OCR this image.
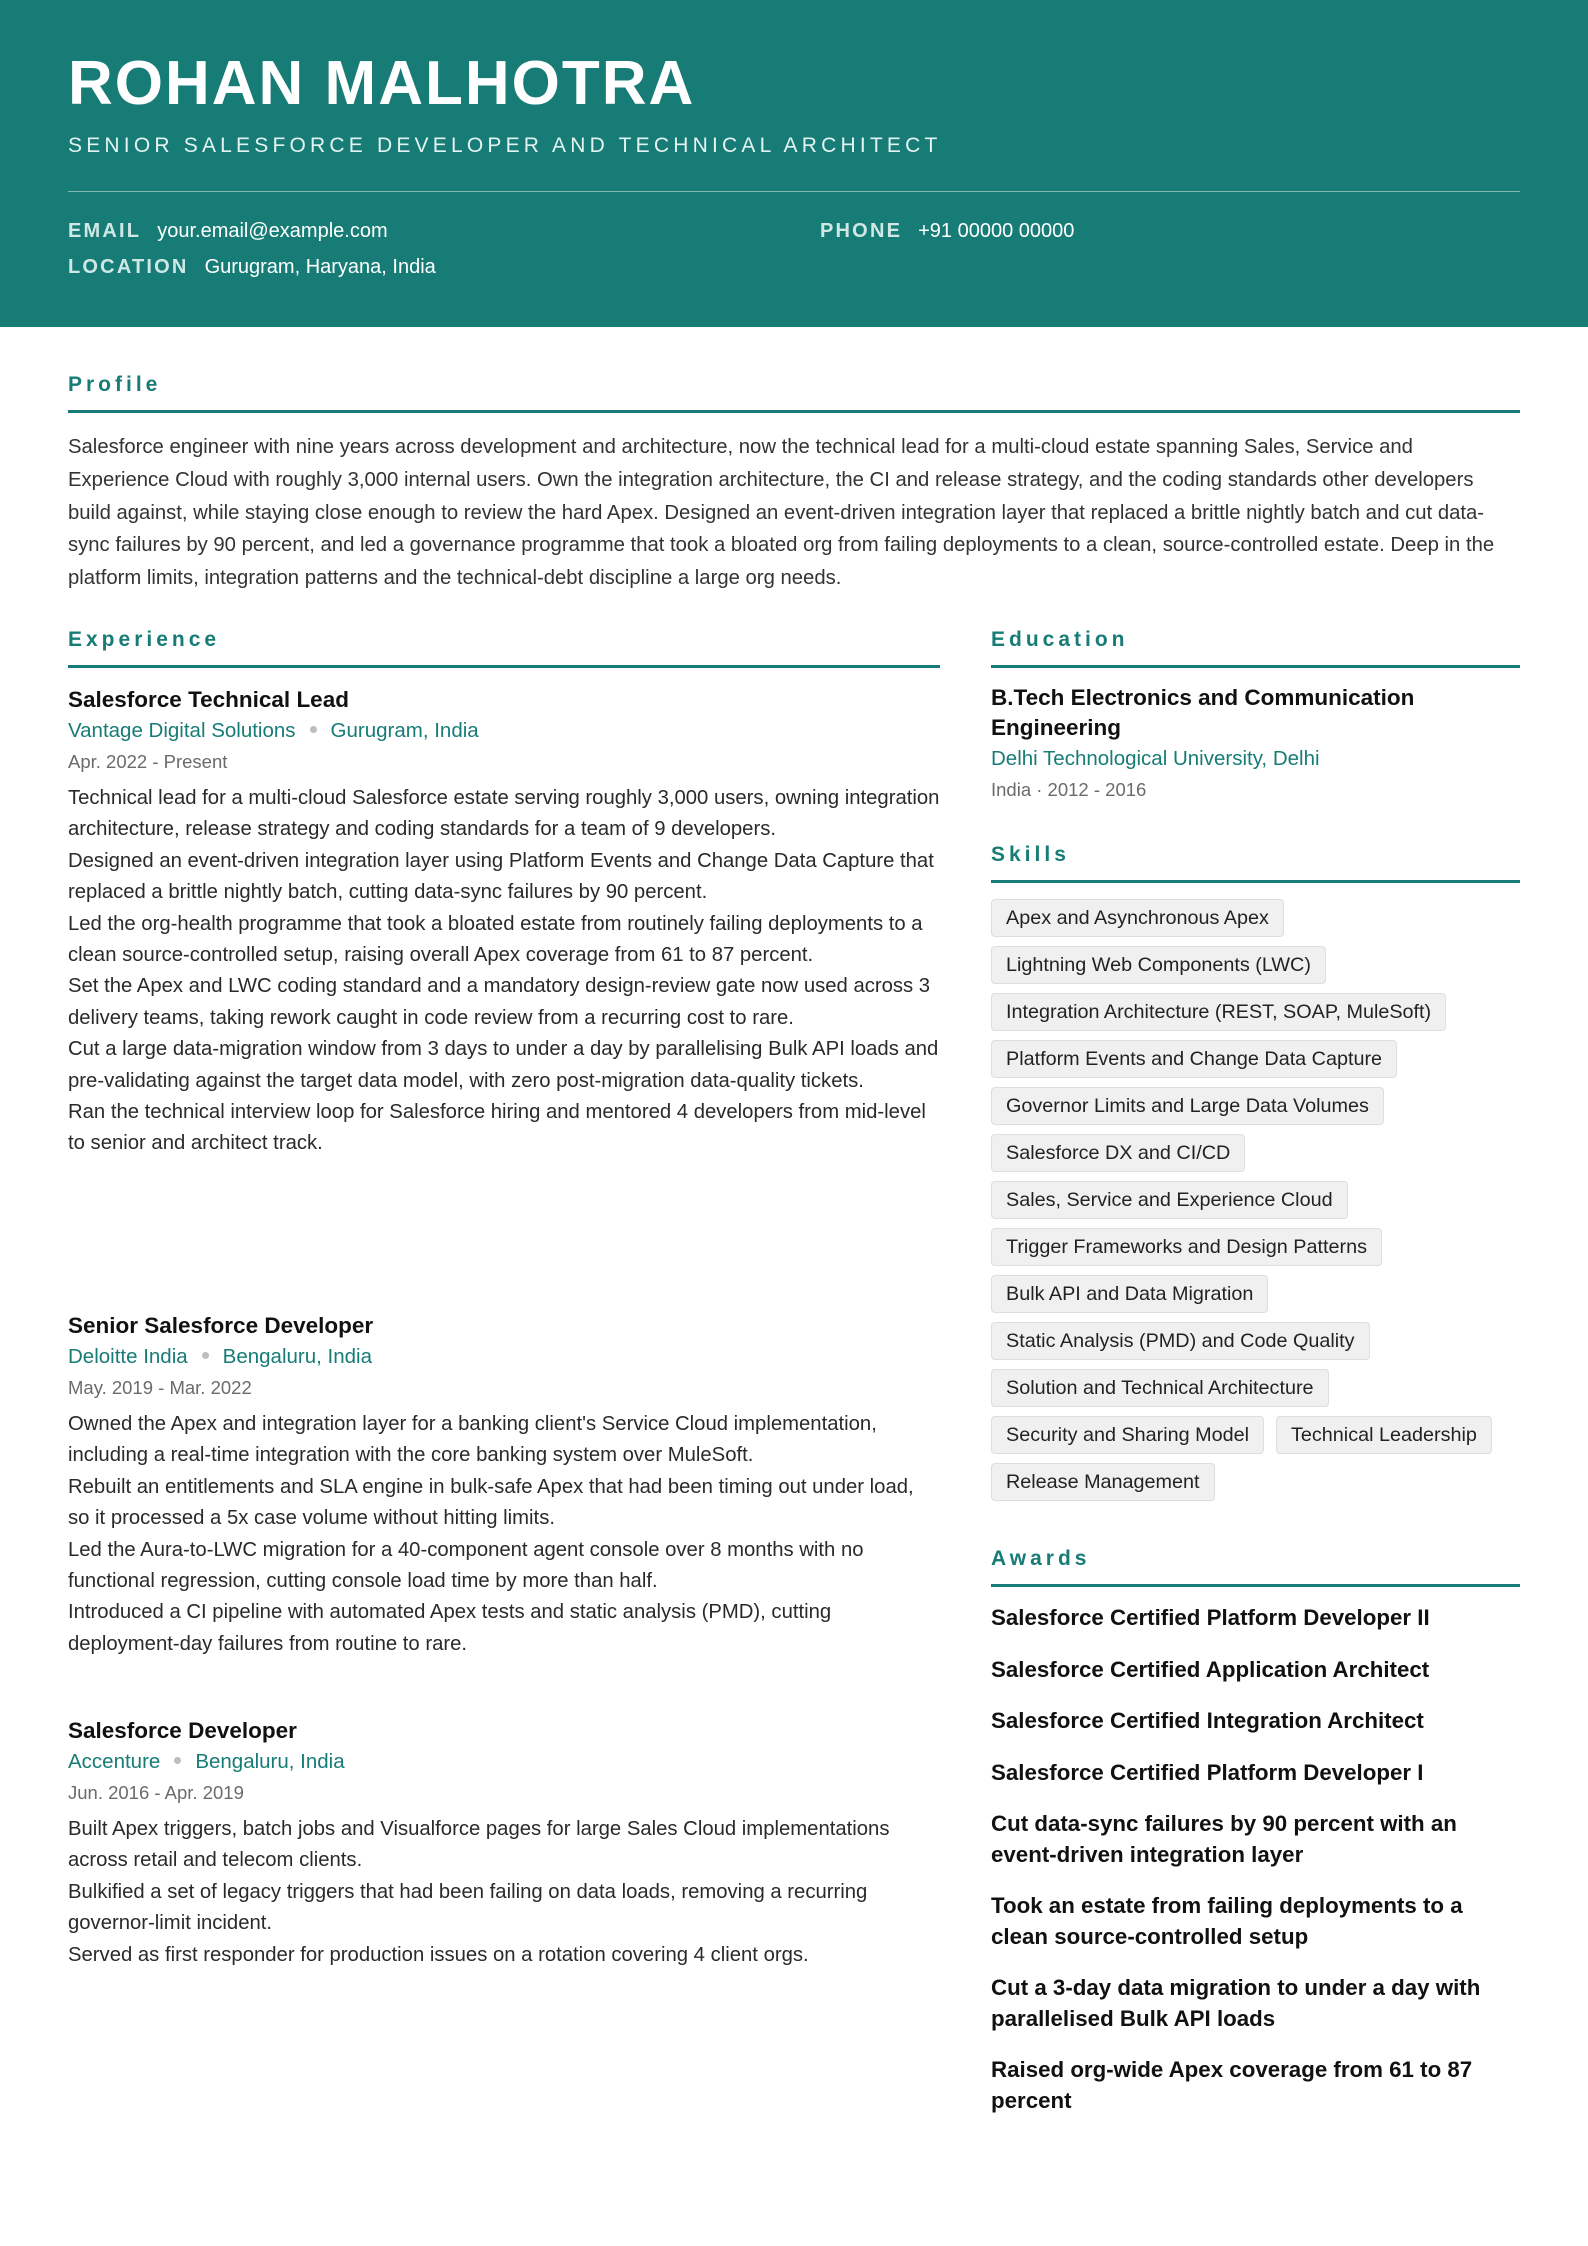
ROHAN MALHOTRA
SENIOR SALESFORCE DEVELOPER AND TECHNICAL ARCHITECT
EMAIL your.email@example.com	PHONE +91 00000 00000
LOCATION Gurugram, Haryana, India
Profile
Salesforce engineer with nine years across development and architecture, now the technical lead for a multi-cloud estate spanning Sales, Service and Experience Cloud with roughly 3,000 internal users. Own the integration architecture, the CI and release strategy, and the coding standards other developers build against, while staying close enough to review the hard Apex. Designed an event-driven integration layer that replaced a brittle nightly batch and cut data-sync failures by 90 percent, and led a governance programme that took a bloated org from failing deployments to a clean, source-controlled estate. Deep in the platform limits, integration patterns and the technical-debt discipline a large org needs.
Experience
Salesforce Technical Lead
Vantage Digital Solutions Gurugram, India
Apr. 2022 - Present
Technical lead for a multi-cloud Salesforce estate serving roughly 3,000 users, owning integration architecture, release strategy and coding standards for a team of 9 developers.
Designed an event-driven integration layer using Platform Events and Change Data Capture that replaced a brittle nightly batch, cutting data-sync failures by 90 percent.
Led the org-health programme that took a bloated estate from routinely failing deployments to a clean source-controlled setup, raising overall Apex coverage from 61 to 87 percent.
Set the Apex and LWC coding standard and a mandatory design-review gate now used across 3 delivery teams, taking rework caught in code review from a recurring cost to rare.
Cut a large data-migration window from 3 days to under a day by parallelising Bulk API loads and pre-validating against the target data model, with zero post-migration data-quality tickets.
Ran the technical interview loop for Salesforce hiring and mentored 4 developers from mid-level to senior and architect track.
Senior Salesforce Developer
Deloitte India Bengaluru, India
May. 2019 - Mar. 2022
Owned the Apex and integration layer for a banking client's Service Cloud implementation, including a real-time integration with the core banking system over MuleSoft.
Rebuilt an entitlements and SLA engine in bulk-safe Apex that had been timing out under load, so it processed a 5x case volume without hitting limits.
Led the Aura-to-LWC migration for a 40-component agent console over 8 months with no functional regression, cutting console load time by more than half.
Introduced a CI pipeline with automated Apex tests and static analysis (PMD), cutting deployment-day failures from routine to rare.
Salesforce Developer
Accenture Bengaluru, India
Jun. 2016 - Apr. 2019
Built Apex triggers, batch jobs and Visualforce pages for large Sales Cloud implementations across retail and telecom clients.
Bulkified a set of legacy triggers that had been failing on data loads, removing a recurring governor-limit incident.
Served as first responder for production issues on a rotation covering 4 client orgs.
Education
B.Tech Electronics and Communication Engineering
Delhi Technological University, Delhi
India · 2012 - 2016
Skills
Apex and Asynchronous Apex
Lightning Web Components (LWC)
Integration Architecture (REST, SOAP, MuleSoft)
Platform Events and Change Data Capture
Governor Limits and Large Data Volumes
Salesforce DX and CI/CD
Sales, Service and Experience Cloud
Trigger Frameworks and Design Patterns
Bulk API and Data Migration
Static Analysis (PMD) and Code Quality
Solution and Technical Architecture
Security and Sharing Model	Technical Leadership
Release Management
Awards
Salesforce Certified Platform Developer II
Salesforce Certified Application Architect
Salesforce Certified Integration Architect
Salesforce Certified Platform Developer I
Cut data-sync failures by 90 percent with an event-driven integration layer
Took an estate from failing deployments to a clean source-controlled setup
Cut a 3-day data migration to under a day with parallelised Bulk API loads
Raised org-wide Apex coverage from 61 to 87 percent
